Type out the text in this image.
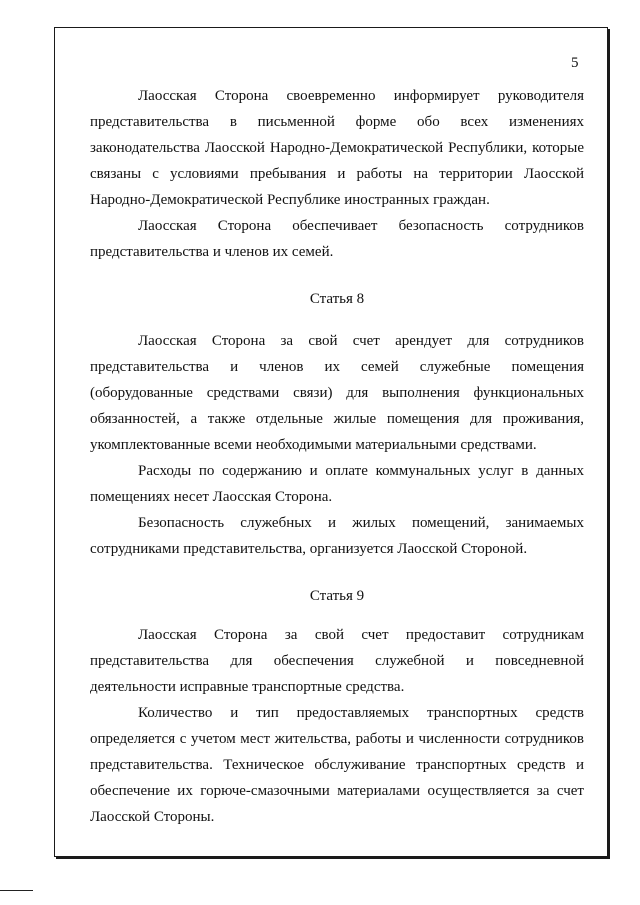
5

Лаосская Сторона своевременно информирует руководителя представительства в письменной форме обо всех изменениях законодательства Лаосской Народно-Демократической Республики, которые связаны с условиями пребывания и работы на территории Лаосской Народно-Демократической Республике иностранных граждан.

Лаосская Сторона обеспечивает безопасность сотрудников представительства и членов их семей.

Статья 8

Лаосская Сторона за свой счет арендует для сотрудников представительства и членов их семей служебные помещения (оборудованные средствами связи) для выполнения функциональных обязанностей, а также отдельные жилые помещения для проживания, укомплектованные всеми необходимыми материальными средствами.

Расходы по содержанию и оплате коммунальных услуг в данных помещениях несет Лаосская Сторона.

Безопасность служебных и жилых помещений, занимаемых сотрудниками представительства, организуется Лаосской Стороной.

Статья 9

Лаосская Сторона за свой счет предоставит сотрудникам представительства для обеспечения служебной и повседневной деятельности исправные транспортные средства.

Количество и тип предоставляемых транспортных средств определяется с учетом мест жительства, работы и численности сотрудников представительства. Техническое обслуживание транспортных средств и обеспечение их горюче-смазочными материалами осуществляется за счет Лаосской Стороны.
